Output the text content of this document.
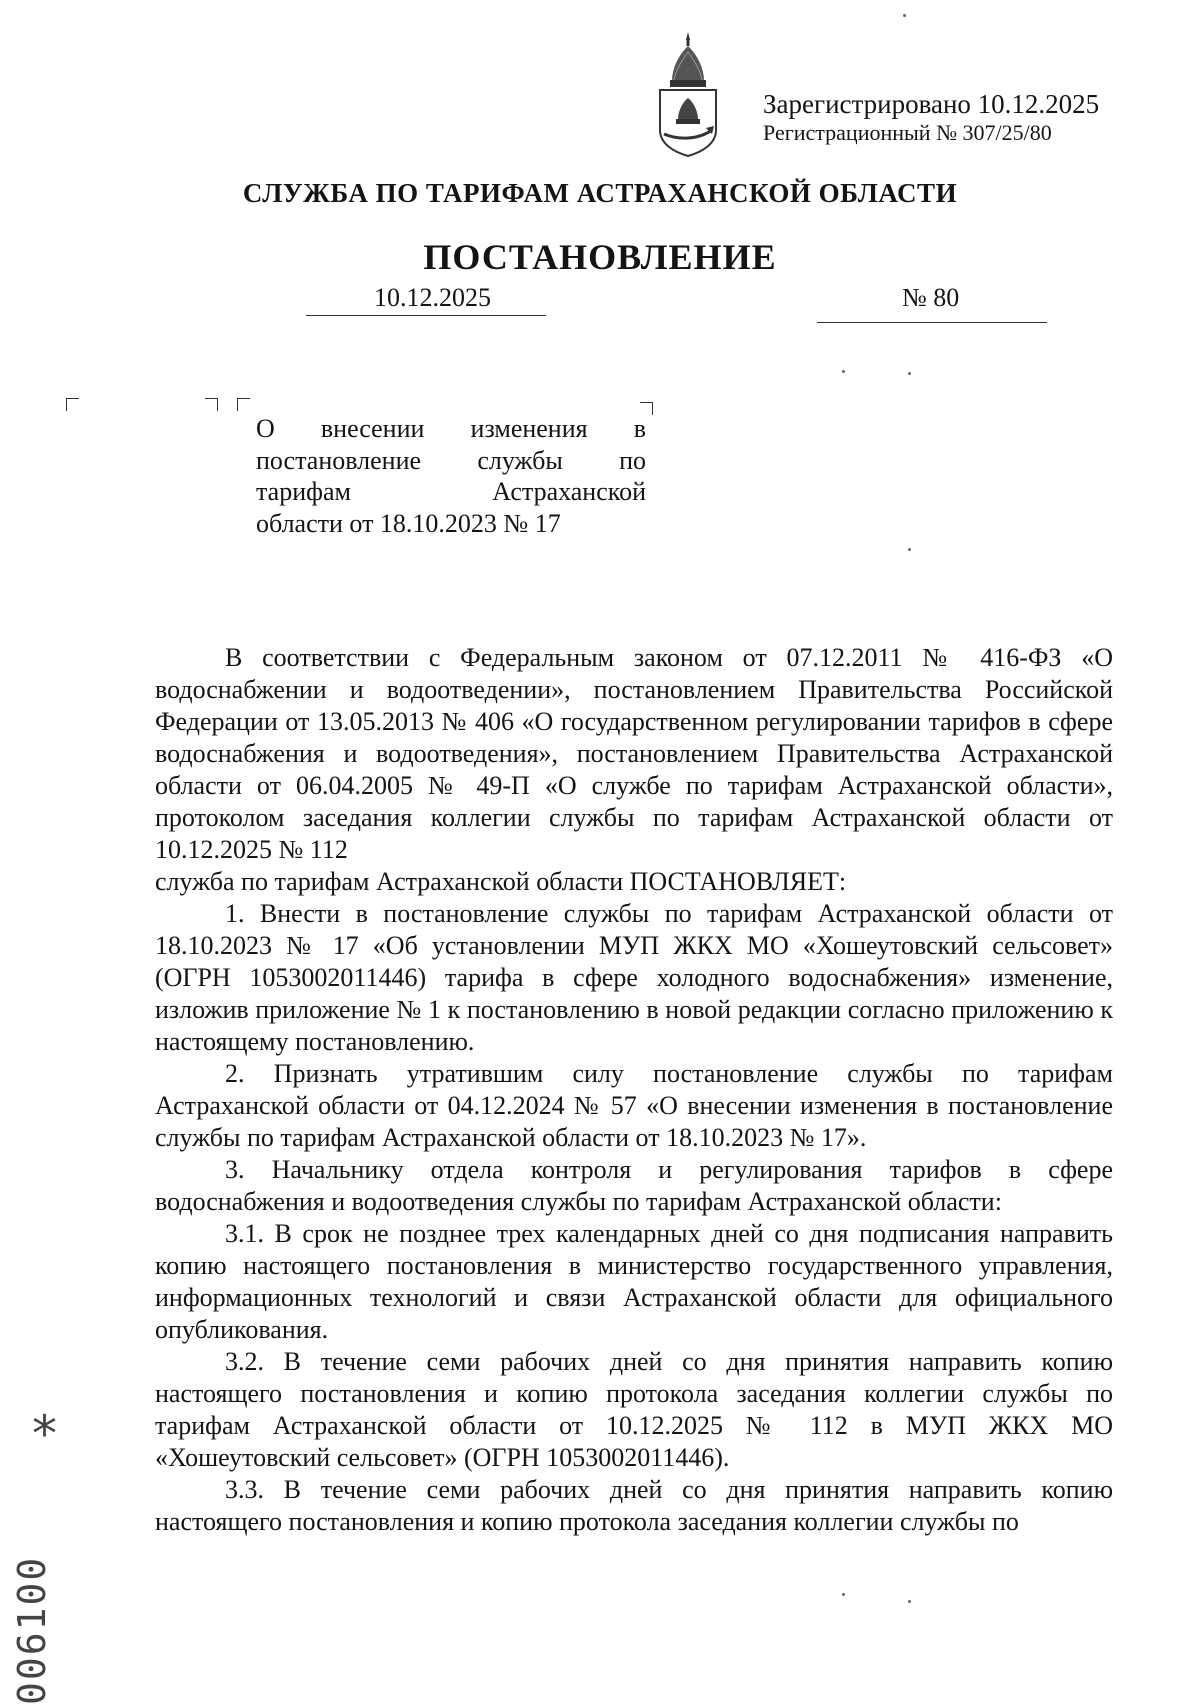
Зарегистрировано 10.12.2025
Регистрационный № 307/25/80
СЛУЖБА ПО ТАРИФАМ АСТРАХАНСКОЙ ОБЛАСТИ
ПОСТАНОВЛЕНИЕ
10.12.2025	№ 80
О внесении изменения в
постановление службы по
тарифам Астраханской
области от 18.10.2023 № 17

В соответствии с Федеральным законом от 07.12.2011 № 416-ФЗ «О водоснабжении и водоотведении», постановлением Правительства Российской Федерации от 13.05.2013 № 406 «О государственном регулировании тарифов в сфере водоснабжения и водоотведения», постановлением Правительства Астраханской области от 06.04.2005 № 49-П «О службе по тарифам Астраханской области», протоколом заседания коллегии службы по тарифам Астраханской области от 10.12.2025 № 112

служба по тарифам Астраханской области ПОСТАНОВЛЯЕТ:

1. Внести в постановление службы по тарифам Астраханской области от 18.10.2023 № 17 «Об установлении МУП ЖКХ МО «Хошеутовский сельсовет» (ОГРН 1053002011446) тарифа в сфере холодного водоснабжения» изменение, изложив приложение № 1 к постановлению в новой редакции согласно приложению к настоящему постановлению.

2. Признать утратившим силу постановление службы по тарифам Астраханской области от 04.12.2024 № 57 «О внесении изменения в постановление службы по тарифам Астраханской области от 18.10.2023 № 17».

3. Начальнику отдела контроля и регулирования тарифов в сфере водоснабжения и водоотведения службы по тарифам Астраханской области:

3.1. В срок не позднее трех календарных дней со дня подписания направить копию настоящего постановления в министерство государственного управления, информационных технологий и связи Астраханской области для официального опубликования.

3.2. В течение семи рабочих дней со дня принятия направить копию настоящего постановления и копию протокола заседания коллегии службы по тарифам Астраханской области от 10.12.2025 № 112 в МУП ЖКХ МО «Хошеутовский сельсовет» (ОГРН 1053002011446).

3.3. В течение семи рабочих дней со дня принятия направить копию настоящего постановления и копию протокола заседания коллегии службы по

*
006100
